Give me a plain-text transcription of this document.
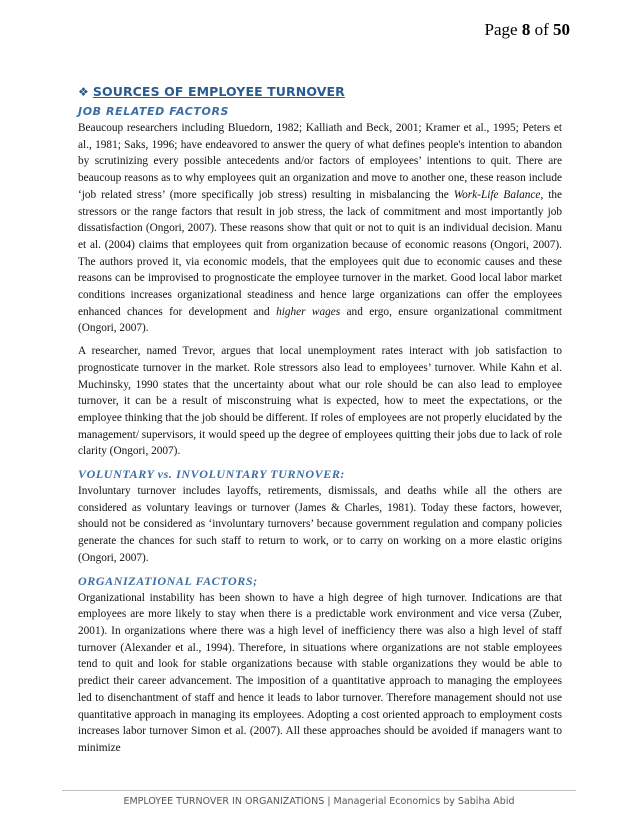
Page 8 of 50
❖ SOURCES OF EMPLOYEE TURNOVER
JOB RELATED FACTORS

Beaucoup researchers including Bluedorn, 1982; Kalliath and Beck, 2001; Kramer et al., 1995; Peters et al., 1981; Saks, 1996; have endeavored to answer the query of what defines people's intention to abandon by scrutinizing every possible antecedents and/or factors of employees’ intentions to quit. There are beaucoup reasons as to why employees quit an organization and move to another one, these reason include ‘job related stress’ (more specifically job stress) resulting in misbalancing the Work-Life Balance, the stressors or the range factors that result in job stress, the lack of commitment and most importantly job dissatisfaction (Ongori, 2007). These reasons show that quit or not to quit is an individual decision. Manu et al. (2004) claims that employees quit from organization because of economic reasons (Ongori, 2007). The authors proved it, via economic models, that the employees quit due to economic causes and these reasons can be improvised to prognosticate the employee turnover in the market. Good local labor market conditions increases organizational steadiness and hence large organizations can offer the employees enhanced chances for development and higher wages and ergo, ensure organizational commitment (Ongori, 2007).

A researcher, named Trevor, argues that local unemployment rates interact with job satisfaction to prognosticate turnover in the market. Role stressors also lead to employees’ turnover. While Kahn et al. Muchinsky, 1990 states that the uncertainty about what our role should be can also lead to employee turnover, it can be a result of misconstruing what is expected, how to meet the expectations, or the employee thinking that the job should be different. If roles of employees are not properly elucidated by the management/ supervisors, it would speed up the degree of employees quitting their jobs due to lack of role clarity (Ongori, 2007).

VOLUNTARY vs. INVOLUNTARY TURNOVER:

Involuntary turnover includes layoffs, retirements, dismissals, and deaths while all the others are considered as voluntary leavings or turnover (James & Charles, 1981). Today these factors, however, should not be considered as ‘involuntary turnovers’ because government regulation and company policies generate the chances for such staff to return to work, or to carry on working on a more elastic origins (Ongori, 2007).

ORGANIZATIONAL FACTORS;

Organizational instability has been shown to have a high degree of high turnover. Indications are that employees are more likely to stay when there is a predictable work environment and vice versa (Zuber, 2001). In organizations where there was a high level of inefficiency there was also a high level of staff turnover (Alexander et al., 1994). Therefore, in situations where organizations are not stable employees tend to quit and look for stable organizations because with stable organizations they would be able to predict their career advancement. The imposition of a quantitative approach to managing the employees led to disenchantment of staff and hence it leads to labor turnover. Therefore management should not use quantitative approach in managing its employees. Adopting a cost oriented approach to employment costs increases labor turnover Simon et al. (2007). All these approaches should be avoided if managers want to minimize

EMPLOYEE TURNOVER IN ORGANIZATIONS | Managerial Economics by Sabiha Abid
